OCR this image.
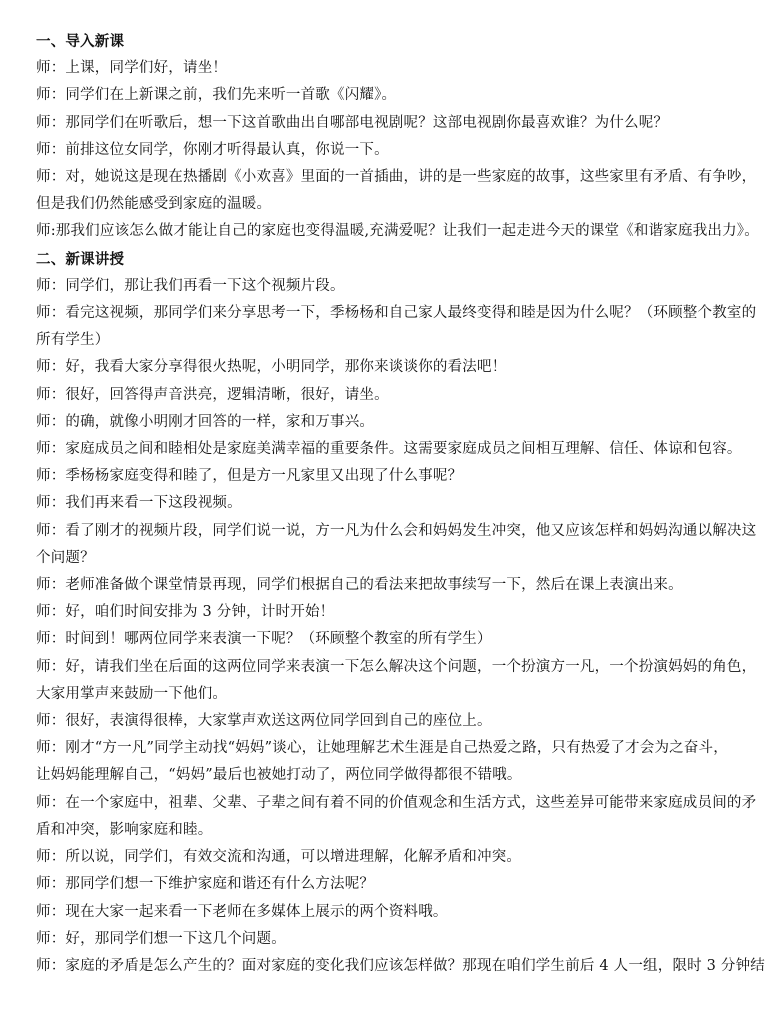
一、导入新课
师：上课，同学们好，请坐！
师：同学们在上新课之前，我们先来听一首歌《闪耀》。
师：那同学们在听歌后，想一下这首歌曲出自哪部电视剧呢？这部电视剧你最喜欢谁？为什么呢？
师：前排这位女同学，你刚才听得最认真，你说一下。
师：对，她说这是现在热播剧《小欢喜》里面的一首插曲，讲的是一些家庭的故事，这些家里有矛盾、有争吵，
但是我们仍然能感受到家庭的温暖。
师:那我们应该怎么做才能让自己的家庭也变得温暖,充满爱呢？让我们一起走进今天的课堂《和谐家庭我出力》。
二、新课讲授
师：同学们，那让我们再看一下这个视频片段。
师：看完这视频，那同学们来分享思考一下，季杨杨和自己家人最终变得和睦是因为什么呢？（环顾整个教室的
所有学生）
师：好，我看大家分享得很火热呢，小明同学，那你来谈谈你的看法吧！
师：很好，回答得声音洪亮，逻辑清晰，很好，请坐。
师：的确，就像小明刚才回答的一样，家和万事兴。
师：家庭成员之间和睦相处是家庭美满幸福的重要条件。这需要家庭成员之间相互理解、信任、体谅和包容。
师：季杨杨家庭变得和睦了，但是方一凡家里又出现了什么事呢？
师：我们再来看一下这段视频。
师：看了刚才的视频片段，同学们说一说，方一凡为什么会和妈妈发生冲突，他又应该怎样和妈妈沟通以解决这
个问题？
师：老师准备做个课堂情景再现，同学们根据自己的看法来把故事续写一下，然后在课上表演出来。
师：好，咱们时间安排为 3 分钟，计时开始！
师：时间到！哪两位同学来表演一下呢？（环顾整个教室的所有学生）
师：好，请我们坐在后面的这两位同学来表演一下怎么解决这个问题，一个扮演方一凡，一个扮演妈妈的角色，
大家用掌声来鼓励一下他们。
师：很好，表演得很棒，大家掌声欢送这两位同学回到自己的座位上。
师：刚才“方一凡”同学主动找“妈妈”谈心，让她理解艺术生涯是自己热爱之路，只有热爱了才会为之奋斗，
让妈妈能理解自己，“妈妈”最后也被她打动了，两位同学做得都很不错哦。
师：在一个家庭中，祖辈、父辈、子辈之间有着不同的价值观念和生活方式，这些差异可能带来家庭成员间的矛
盾和冲突，影响家庭和睦。
师：所以说，同学们，有效交流和沟通，可以增进理解，化解矛盾和冲突。
师：那同学们想一下维护家庭和谐还有什么方法呢？
师：现在大家一起来看一下老师在多媒体上展示的两个资料哦。
师：好，那同学们想一下这几个问题。
师：家庭的矛盾是怎么产生的？面对家庭的变化我们应该怎样做？那现在咱们学生前后 4 人一组，限时 3 分钟结
